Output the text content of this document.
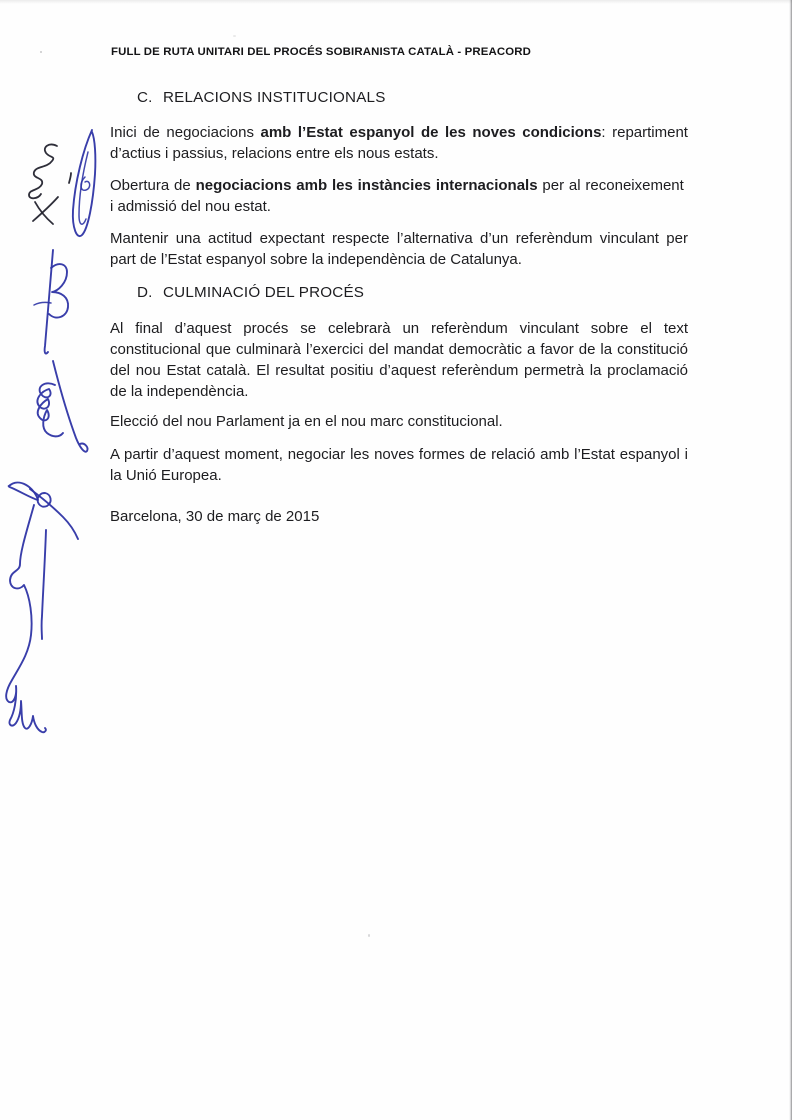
FULL DE RUTA UNITARI DEL PROCÉS SOBIRANISTA CATALÀ - PREACORD
C. RELACIONS INSTITUCIONALS

Inici de negociacions amb l’Estat espanyol de les noves condicions: repartiment d’actius i passius, relacions entre els nous estats.

Obertura de negociacions amb les instàncies internacionals per al reconeixement  i admissió del nou estat.

Mantenir una actitud expectant respecte l’alternativa d’un referèndum vinculant per part de l’Estat espanyol sobre la independència de Catalunya.

D. CULMINACIÓ DEL PROCÉS

Al final d’aquest procés se celebrarà un referèndum vinculant sobre el text constitucional que culminarà l’exercici del mandat democràtic a favor de la constitució del nou Estat català. El resultat positiu d’aquest referèndum permetrà la proclamació de la independència.

Elecció del nou Parlament ja en el nou marc constitucional.

A partir d’aquest moment, negociar les noves formes de relació amb l’Estat espanyol i la Unió Europea.

Barcelona, 30 de març de 2015
